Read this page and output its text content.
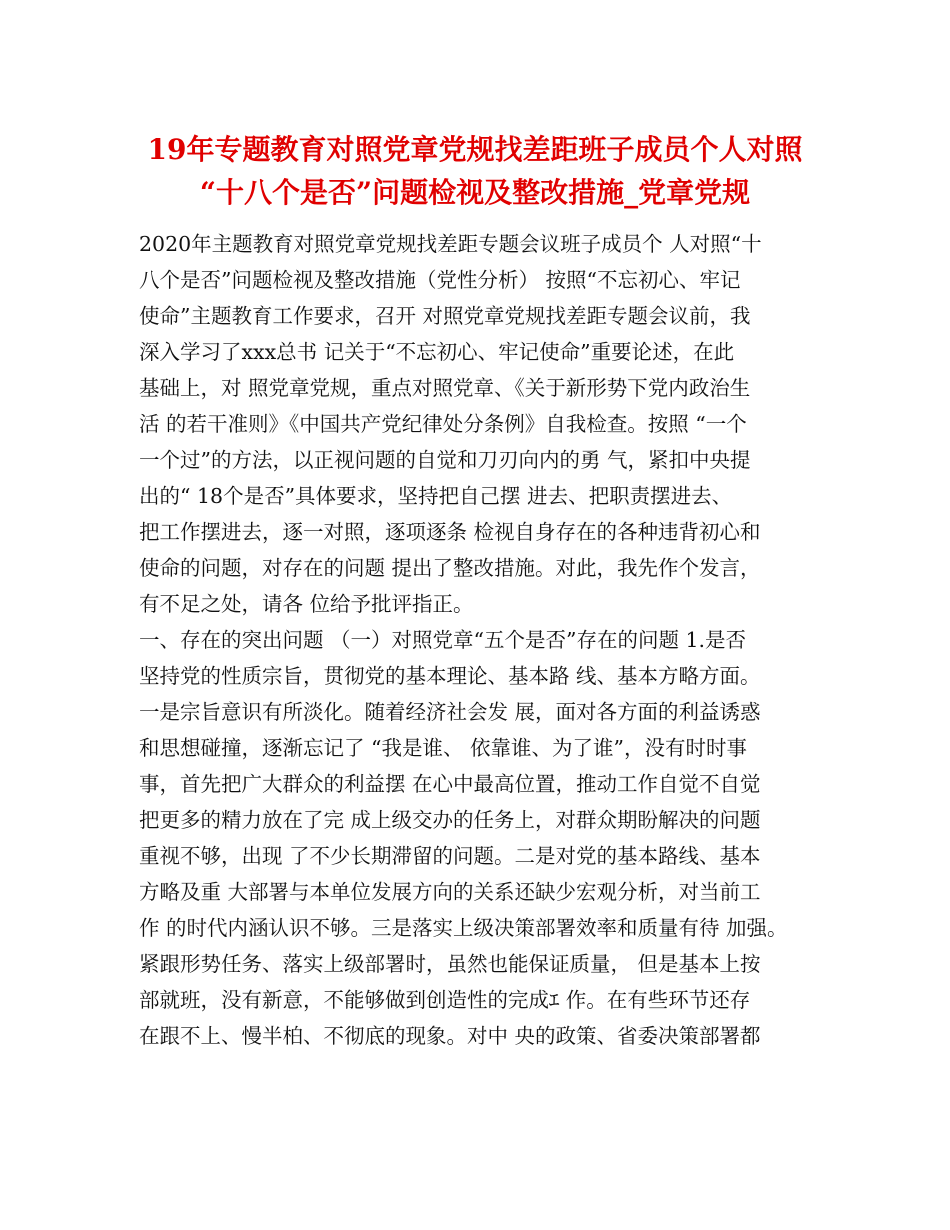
19年专题教育对照党章党规找差距班子成员个人对照
“十八个是否”问题检视及整改措施_党章党规
2020年主题教育对照党章党规找差距专题会议班子成员个 人对照“十
八个是否”问题检视及整改措施（党性分析） 按照“不忘初心、牢记
使命”主题教育工作要求，召开 对照党章党规找差距专题会议前，我
深入学习了xxx总书 记关于“不忘初心、牢记使命”重要论述，在此
基础上，对 照党章党规，重点对照党章、《关于新形势下党内政治生
活 的若干准则》《中国共产党纪律处分条例》自我检查。按照 “一个
一个过”的方法，以正视问题的自觉和刀刃向内的勇 气，紧扣中央提
出的“ 18个是否”具体要求，坚持把自己摆 进去、把职责摆进去、
把工作摆进去，逐一对照，逐项逐条 检视自身存在的各种违背初心和
使命的问题，对存在的问题 提出了整改措施。对此，我先作个发言，
有不足之处，请各 位给予批评指正。
一、存在的突出问题 （一）对照党章“五个是否”存在的问题 1.是否
坚持党的性质宗旨，贯彻党的基本理论、基本路 线、基本方略方面。
一是宗旨意识有所淡化。随着经济社会发 展，面对各方面的利益诱惑
和思想碰撞，逐渐忘记了 “我是谁、 依靠谁、为了谁”，没有时时事
事，首先把广大群众的利益摆 在心中最高位置，推动工作自觉不自觉
把更多的精力放在了完 成上级交办的任务上，对群众期盼解决的问题
重视不够，出现 了不少长期滞留的问题。二是对党的基本路线、基本
方略及重 大部署与本单位发展方向的关系还缺少宏观分析，对当前工
作 的时代内涵认识不够。三是落实上级决策部署效率和质量有待 加强。
紧跟形势任务、落实上级部署时，虽然也能保证质量， 但是基本上按
部就班，没有新意，不能够做到创造性的完成ｴ 作。在有些环节还存
在跟不上、慢半柏、不彻底的现象。对中 央的政策、省委决策部署都
